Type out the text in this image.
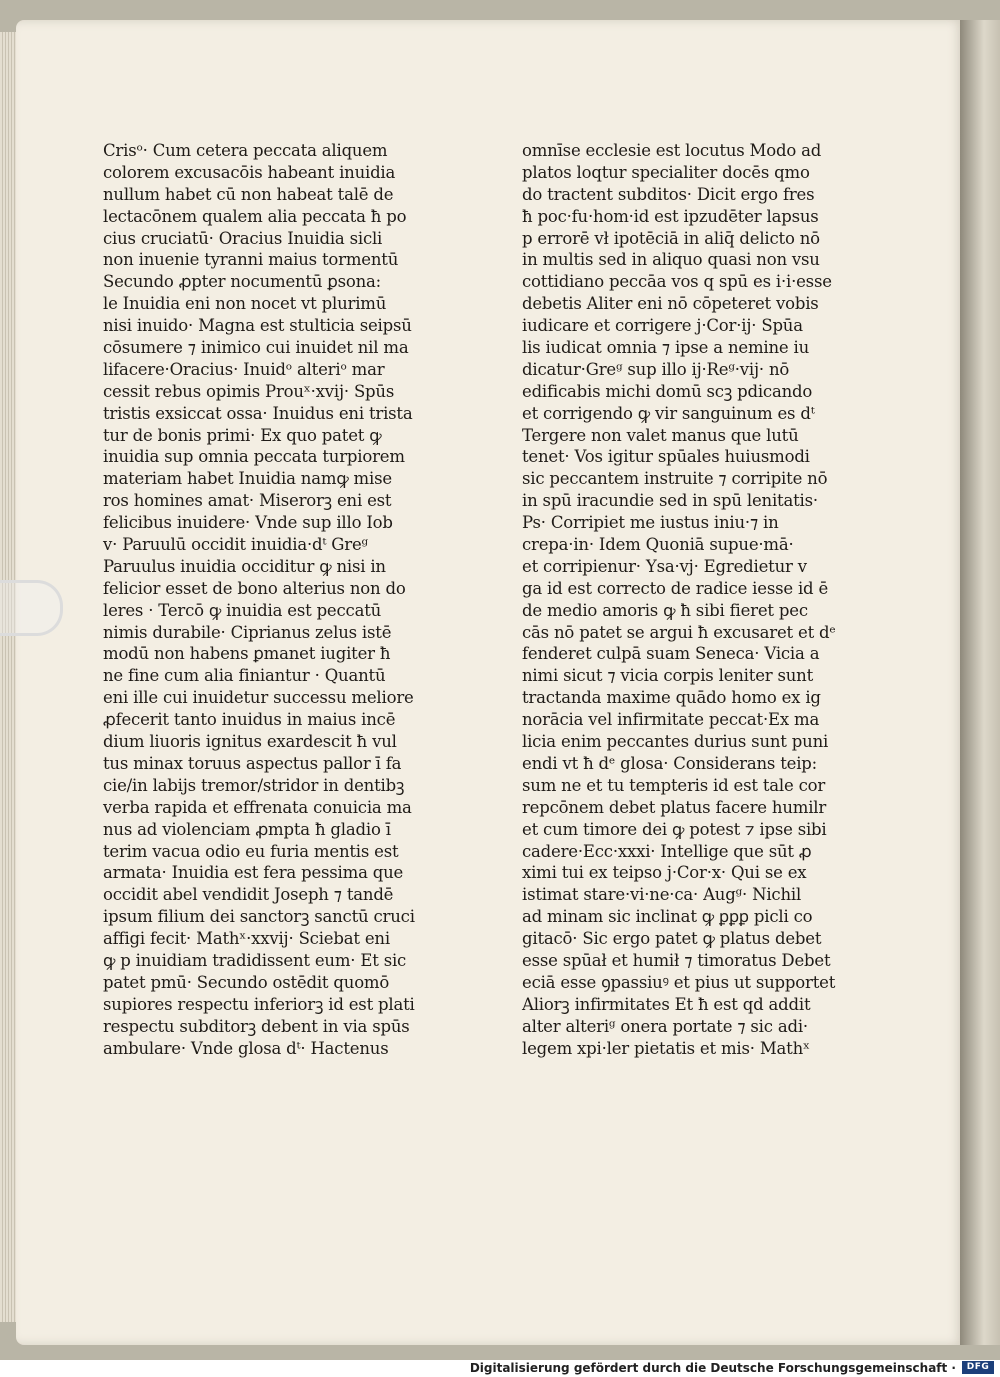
Crisᵒ· Cum cetera peccata aliquem
colorem excusacōis habeant inuidia
nullum habet cū non habeat talē de
lectacōnem qualem alia peccata ħ po
cius cruciatū· Oracius Inuidia sicli
non inuenie tyranni maius tormentū
Secundo ꝓpter nocumentū ꝑsona:
le Inuidia eni non nocet vt plurimū
nisi inuido· Magna est stulticia seipsū
cōsumere ⁊ inimico cui inuidet nil ma
lifacere·Oracius· Inuidᵒ alteriᵒ mar
cessit rebus opimis Prouˣ·xvij· Spūs
tristis exsiccat ossa· Inuidus eni trista
tur de bonis primi· Ex quo patet ꝙ
inuidia sup omnia peccata turpiorem
materiam habet Inuidia namꝙ mise
ros homines amat· Miserorꝫ eni est
felicibus inuidere· Vnde sup illo Iob
v· Paruulū occidit inuidia·dᵗ Greᵍ
Paruulus inuidia occiditur ꝙ nisi in
felicior esset de bono alterius non do
leres · Tercō ꝙ inuidia est peccatū
nimis durabile· Ciprianus zelus istē
modū non habens ꝑmanet iugiter ħ
ne fine cum alia finiantur · Quantū
eni ille cui inuidetur successu meliore
ꝓfecerit tanto inuidus in maius incē
dium liuoris ignitus exardescit ħ vul
tus minax toruus aspectus pallor ī fa
cie/in labijs tremor/stridor in dentibꝫ
verba rapida et effrenata conuicia ma
nus ad violenciam ꝓmpta ħ gladio ī
terim vacua odio eu furia mentis est
armata· Inuidia est fera pessima que
occidit abel vendidit Joseph ⁊ tandē
ipsum filium dei sanctorꝫ sanctū cruci
affigi fecit· Mathˣ·xxvij· Sciebat eni
ꝙ p inuidiam tradidissent eum· Et sic
patet pmū· Secundo ostēdit quomō
supiores respectu inferiorꝫ id est plati
respectu subditorꝫ debent in via spūs
ambulare· Vnde glosa dᵗ· Hactenus
omnīse ecclesie est locutus Modo ad
platos loqtur specialiter docēs qmo
do tractent subditos· Dicit ergo fres
ħ poc·fu·hom·id est ipzudēter lapsus
p errorē vł ipotēciā in aliq̄ delicto nō
in multis sed in aliquo quasi non vsu
cottidiano peccāa vos q spū es i·i·esse
debetis Aliter eni nō cōpeteret vobis
iudicare et corrigere j·Cor·ij· Spūa
lis iudicat omnia ⁊ ipse a nemine iu
dicatur·Greᵍ sup illo ij·Reᵍ·vij· nō
edificabis michi domū scꝫ pdicando
et corrigendo ꝙ vir sanguinum es dᵗ
Tergere non valet manus que lutū
tenet· Vos igitur spūales huiusmodi
sic peccantem instruite ⁊ corripite nō
in spū iracundie sed in spū lenitatis·
Ps· Corripiet me iustus iniu·⁊ in
crepa·in· Idem Quoniā supue·mā·
et corripienur· Ysa·vj· Egredietur v
ga id est correcto de radice iesse id ē
de medio amoris ꝙ ħ sibi fieret pec
cās nō patet se argui ħ excusaret et dᵉ
fenderet culpā suam Seneca· Vicia a
nimi sicut ⁊ vicia corpis leniter sunt
tractanda maxime quādo homo ex ig
norācia vel infirmitate peccat·Ex ma
licia enim peccantes durius sunt puni
endi vt ħ dᵉ glosa· Considerans teip:
sum ne et tu tempteris id est tale cor
repcōnem debet platus facere humilr
et cum timore dei ꝙ potest ⁊ ipse sibi
cadere·Ecc·xxxi· Intellige que sūt ꝓ
ximi tui ex teipso j·Cor·x· Qui se ex
istimat stare·vi·ne·ca· Augᵍ· Nichil
ad minam sic inclinat ꝙ ꝑꝑꝑ picli co
gitacō· Sic ergo patet ꝙ platus debet
esse spūał et humił ⁊ timoratus Debet
eciā esse ꝯpassiuꝰ et pius ut supportet
Aliorꝫ infirmitates Et ħ est qd addit
alter alteriᵍ onera portate ⁊ sic adi·
legem xpi·ler pietatis et mis· Mathˣ
Digitalisierung gefördert durch die Deutsche Forschungsgemeinschaft ·	DFG
